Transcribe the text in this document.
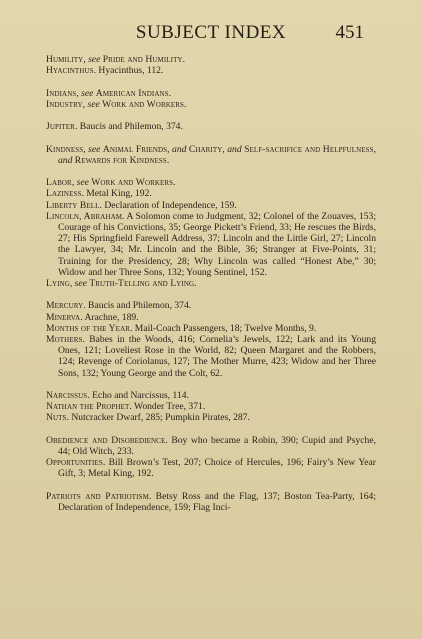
SUBJECT INDEX	451
Humility, see Pride and Humility.
Hyacinthus. Hyacinthus, 112.
Indians, see American Indians.
Industry, see Work and Workers.
Jupiter. Baucis and Philemon, 374.
Kindness, see Animal Friends, and Charity, and Self-sacrifice and Helpfulness, and Rewards for Kindness.
Labor, see Work and Workers.
Laziness. Metal King, 192.
Liberty Bell. Declaration of Independence, 159.
Lincoln, Abraham. A Solomon come to Judgment, 32; Colonel of the Zouaves, 153; Courage of his Convictions, 35; George Pickett’s Friend, 33; He rescues the Birds, 27; His Springfield Farewell Address, 37; Lincoln and the Little Girl, 27; Lincoln the Lawyer, 34; Mr. Lincoln and the Bible, 36; Stranger at Five-Points, 31; Training for the Presidency, 28; Why Lincoln was called “Honest Abe,” 30; Widow and her Three Sons, 132; Young Sentinel, 152.
Lying, see Truth-Telling and Lying.
Mercury. Baucis and Philemon, 374.
Minerva. Arachne, 189.
Months of the Year. Mail-Coach Passengers, 18; Twelve Months, 9.
Mothers. Babes in the Woods, 416; Cornelia’s Jewels, 122; Lark and its Young Ones, 121; Loveliest Rose in the World, 82; Queen Margaret and the Robbers, 124; Revenge of Coriolanus, 127; The Mother Murre, 423; Widow and her Three Sons, 132; Young George and the Colt, 62.
Narcissus. Echo and Narcissus, 114.
Nathan the Prophet. Wonder Tree, 371.
Nuts. Nutcracker Dwarf, 285; Pumpkin Pirates, 287.
Obedience and Disobedience. Boy who became a Robin, 390; Cupid and Psyche, 44; Old Witch, 233.
Opportunities. Bill Brown’s Test, 207; Choice of Hercules, 196; Fairy’s New Year Gift, 3; Metal King, 192.
Patriots and Patriotism. Betsy Ross and the Flag, 137; Boston Tea-Party, 164; Declaration of Independence, 159; Flag Inci-
